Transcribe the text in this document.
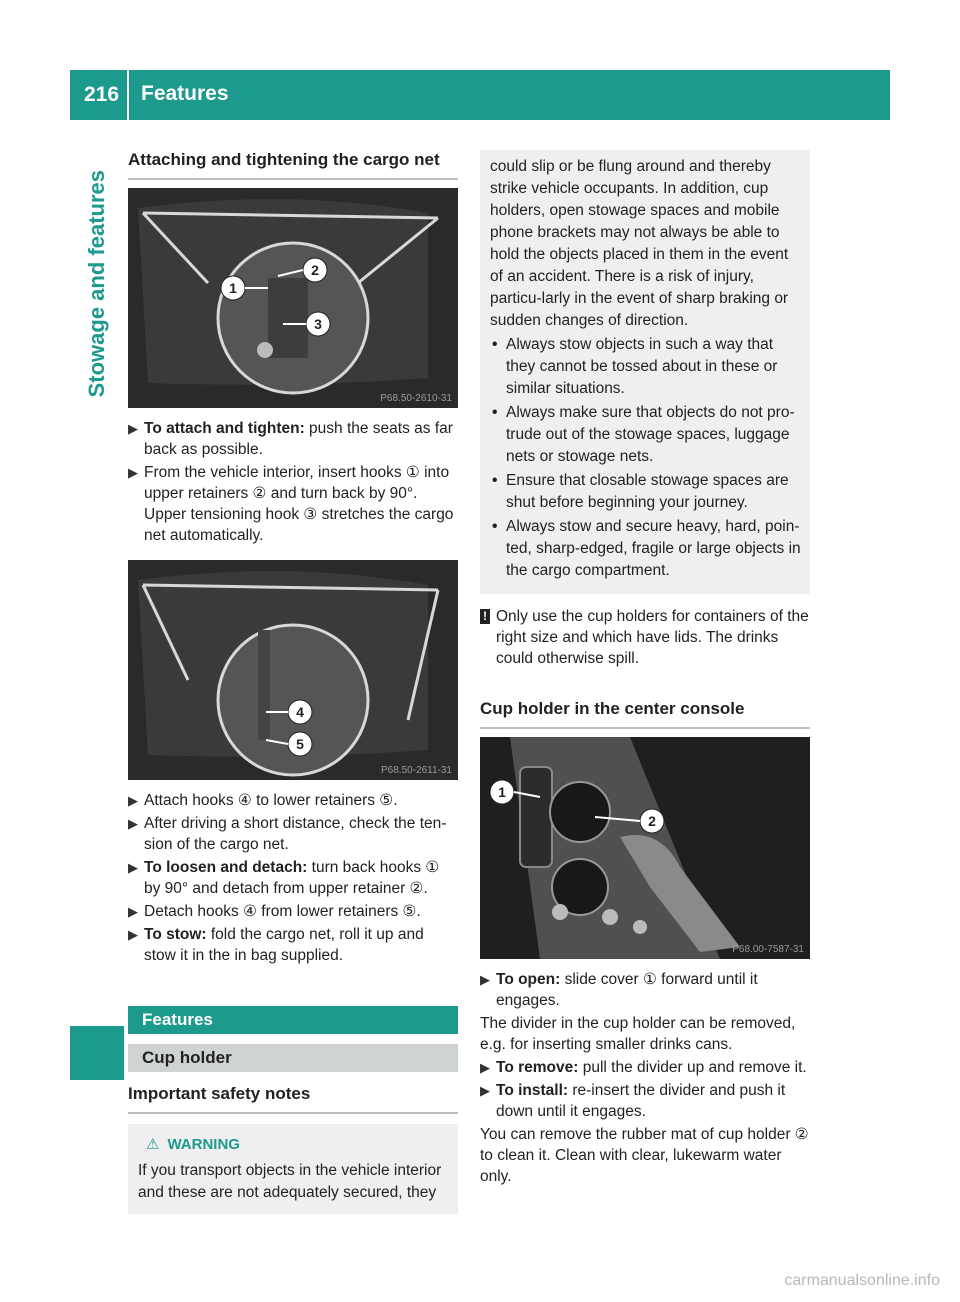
216 Features
Stowage and features
Attaching and tightening the cargo net
1
2
3
P68.50-2610-31
▶ To attach and tighten: push the seats as far back as possible.
▶ From the vehicle interior, insert hooks ① into upper retainers ② and turn back by 90°. Upper tensioning hook ③ stretches the cargo net automatically.
4
5
P68.50-2611-31
▶ Attach hooks ④ to lower retainers ⑤.
▶ After driving a short distance, check the ten-sion of the cargo net.
▶ To loosen and detach: turn back hooks ① by 90° and detach from upper retainer ②.
▶ Detach hooks ④ from lower retainers ⑤.
▶ To stow: fold the cargo net, roll it up and stow it in the in bag supplied.
Features
Cup holder
Important safety notes
⚠ WARNING
If you transport objects in the vehicle interior and these are not adequately secured, they
could slip or be flung around and thereby strike vehicle occupants. In addition, cup holders, open stowage spaces and mobile phone brackets may not always be able to hold the objects placed in them in the event of an accident. There is a risk of injury, particu-larly in the event of sharp braking or sudden changes of direction.
• Always stow objects in such a way that they cannot be tossed about in these or similar situations.
• Always make sure that objects do not pro-trude out of the stowage spaces, luggage nets or stowage nets.
• Ensure that closable stowage spaces are shut before beginning your journey.
• Always stow and secure heavy, hard, poin-ted, sharp-edged, fragile or large objects in the cargo compartment.
! Only use the cup holders for containers of the right size and which have lids. The drinks could otherwise spill.
Cup holder in the center console
1
2
P68.00-7587-31
▶ To open: slide cover ① forward until it engages.
The divider in the cup holder can be removed, e.g. for inserting smaller drinks cans.
▶ To remove: pull the divider up and remove it.
▶ To install: re-insert the divider and push it down until it engages.
You can remove the rubber mat of cup holder ② to clean it. Clean with clear, lukewarm water only.
carmanualsonline.info
